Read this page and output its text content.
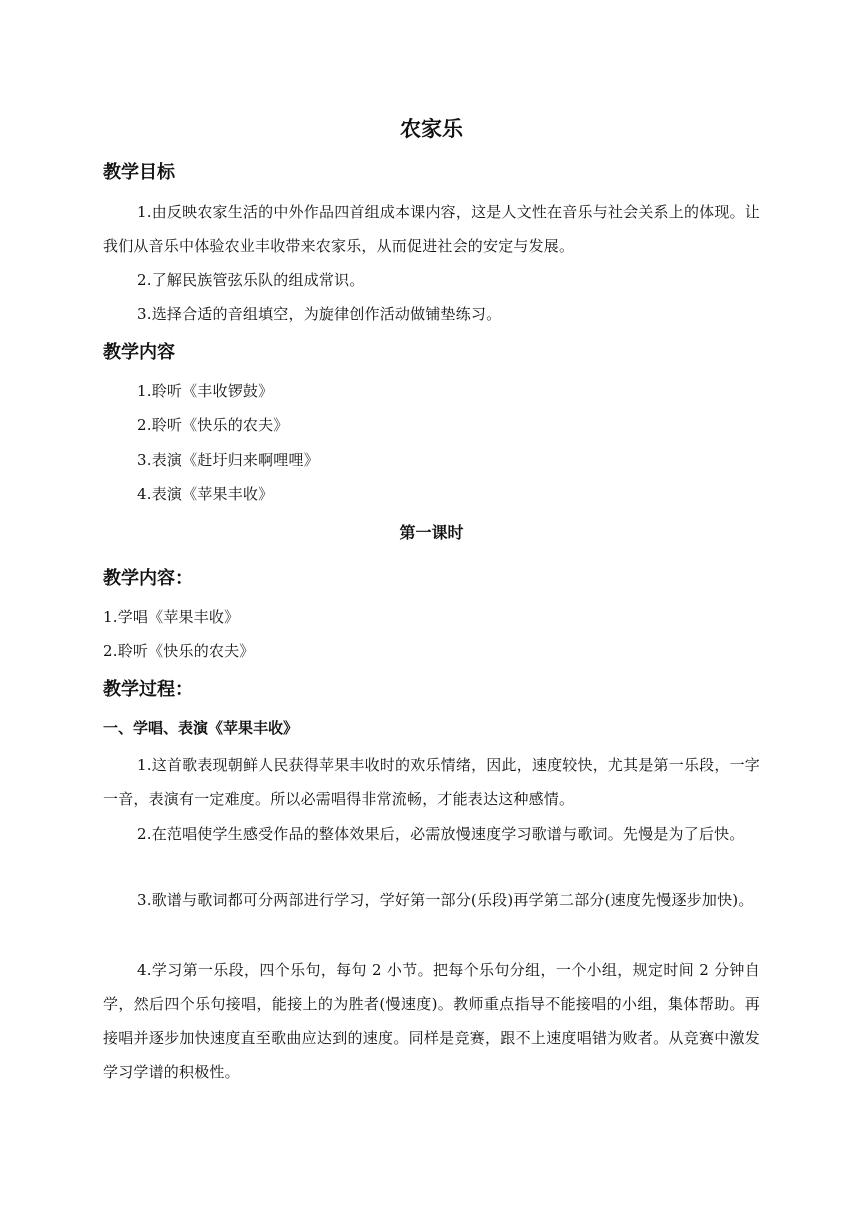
农家乐
教学目标
1.由反映农家生活的中外作品四首组成本课内容，这是人文性在音乐与社会关系上的体现。让我们从音乐中体验农业丰收带来农家乐，从而促进社会的安定与发展。
2.了解民族管弦乐队的组成常识。
3.选择合适的音组填空，为旋律创作活动做铺垫练习。
教学内容
1.聆听《丰收锣鼓》
2.聆听《快乐的农夫》
3.表演《赶圩归来啊哩哩》
4.表演《苹果丰收》
第一课时
教学内容：
1.学唱《苹果丰收》
2.聆听《快乐的农夫》
教学过程：
一、学唱、表演《苹果丰收》
1.这首歌表现朝鲜人民获得苹果丰收时的欢乐情绪，因此，速度较快，尤其是第一乐段，一字一音，表演有一定难度。所以必需唱得非常流畅，才能表达这种感情。
2.在范唱使学生感受作品的整体效果后，必需放慢速度学习歌谱与歌词。先慢是为了后快。
3.歌谱与歌词都可分两部进行学习，学好第一部分(乐段)再学第二部分(速度先慢逐步加快)。
4.学习第一乐段，四个乐句，每句 2 小节。把每个乐句分组，一个小组，规定时间 2 分钟自学，然后四个乐句接唱，能接上的为胜者(慢速度)。教师重点指导不能接唱的小组，集体帮助。再接唱并逐步加快速度直至歌曲应达到的速度。同样是竞赛，跟不上速度唱错为败者。从竞赛中激发学习学谱的积极性。
